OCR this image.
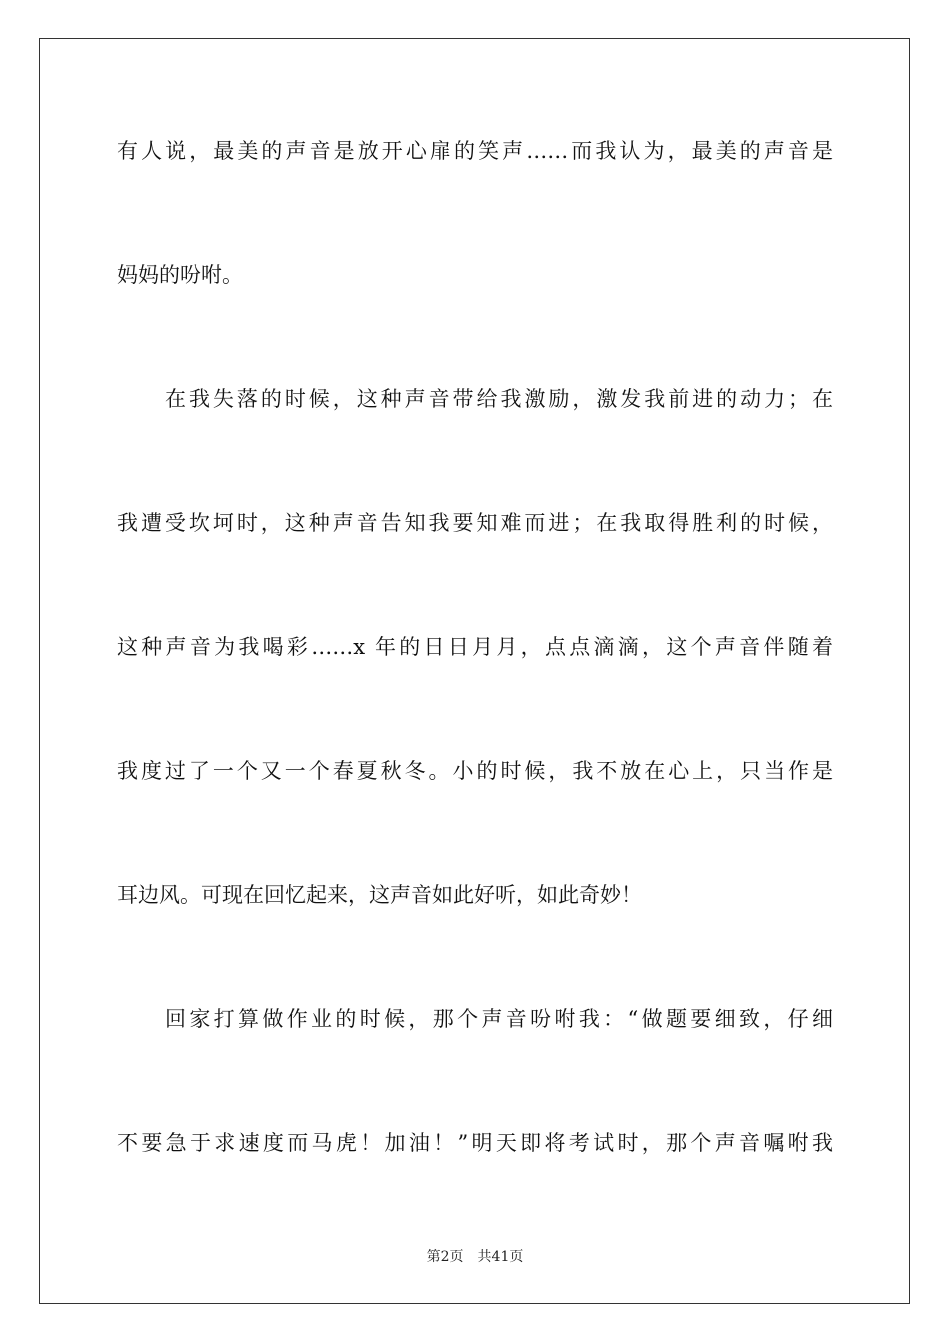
有人说，最美的声音是放开心扉的笑声……而我认为，最美的声音是
妈妈的吩咐。
在我失落的时候，这种声音带给我激励，激发我前进的动力；在
我遭受坎坷时，这种声音告知我要知难而进；在我取得胜利的时候，
这种声音为我喝彩……x 年的日日月月，点点滴滴，这个声音伴随着
我度过了一个又一个春夏秋冬。小的时候，我不放在心上，只当作是
耳边风。可现在回忆起来，这声音如此好听，如此奇妙！
回家打算做作业的时候，那个声音吩咐我：“做题要细致，仔细
不要急于求速度而马虎！加油！”明天即将考试时，那个声音嘱咐我
第2页 共41页
